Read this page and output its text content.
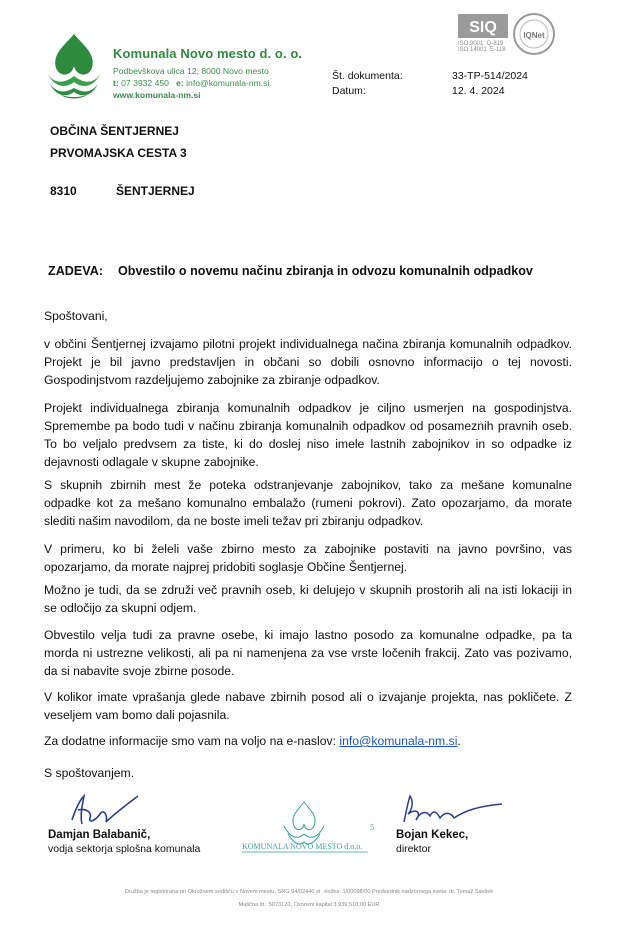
Komunala Novo mesto d. o. o.
Podbevškova ulica 12, 8000 Novo mesto
t: 07 3932 450 e: info@komunala-nm.si
www.komunala-nm.si
SIQ	IQNet
ISO 9001 Q-819
ISO 14001 E-118
Št. dokumenta:	33-TP-514/2024
Datum:	12. 4. 2024
OBČINA ŠENTJERNEJ
PRVOMAJSKA CESTA 3
8310	ŠENTJERNEJ
ZADEVA: Obvestilo o novemu načinu zbiranja in odvozu komunalnih odpadkov
Spoštovani,
v občini Šentjernej izvajamo pilotni projekt individualnega načina zbiranja komunalnih odpadkov.
Projekt je bil javno predstavljen in občani so dobili osnovno informacijo o tej novosti.
Gospodinjstvom razdeljujemo zabojnike za zbiranje odpadkov.
Projekt individualnega zbiranja komunalnih odpadkov je ciljno usmerjen na gospodinjstva.
Spremembe pa bodo tudi v načinu zbiranja komunalnih odpadkov od posameznih pravnih oseb.
To bo veljalo predvsem za tiste, ki do doslej niso imele lastnih zabojnikov in so odpadke iz
dejavnosti odlagale v skupne zabojnike.
S skupnih zbirnih mest že poteka odstranjevanje zabojnikov, tako za mešane komunalne
odpadke kot za mešano komunalno embalažo (rumeni pokrovi). Zato opozarjamo, da morate
slediti našim navodilom, da ne boste imeli težav pri zbiranju odpadkov.
V primeru, ko bi želeli vaše zbirno mesto za zabojnike postaviti na javno površino, vas
opozarjamo, da morate najprej pridobiti soglasje Občine Šentjernej.
Možno je tudi, da se združi več pravnih oseb, ki delujejo v skupnih prostorih ali na isti lokaciji in
se odločijo za skupni odjem.
Obvestilo velja tudi za pravne osebe, ki imajo lastno posodo za komunalne odpadke, pa ta
morda ni ustrezne velikosti, ali pa ni namenjena za vse vrste ločenih frakcij. Zato vas pozivamo,
da si nabavite svoje zbirne posode.
V kolikor imate vprašanja glede nabave zbirnih posod ali o izvajanje projekta, nas pokličete. Z
veseljem vam bomo dali pojasnila.
Za dodatne informacije smo vam na voljo na e-naslov: info@komunala-nm.si.
S spoštovanjem.
Damjan Balabanič,
vodja sektorja splošna komunala	KOMUNALA NOVO MESTO d.o.o.
5
Bojan Kekec,
direktor
Družba je registrirana pri Okrožnem sodišču v Novem mestu, SRG 94/02440 st. vložka: 1/00098/00 Predsednik nadzornega sveta: dr. Tomaž Savšek
Matična št.: 5073120, Osnovni kapital 3.939.510,00 EUR
